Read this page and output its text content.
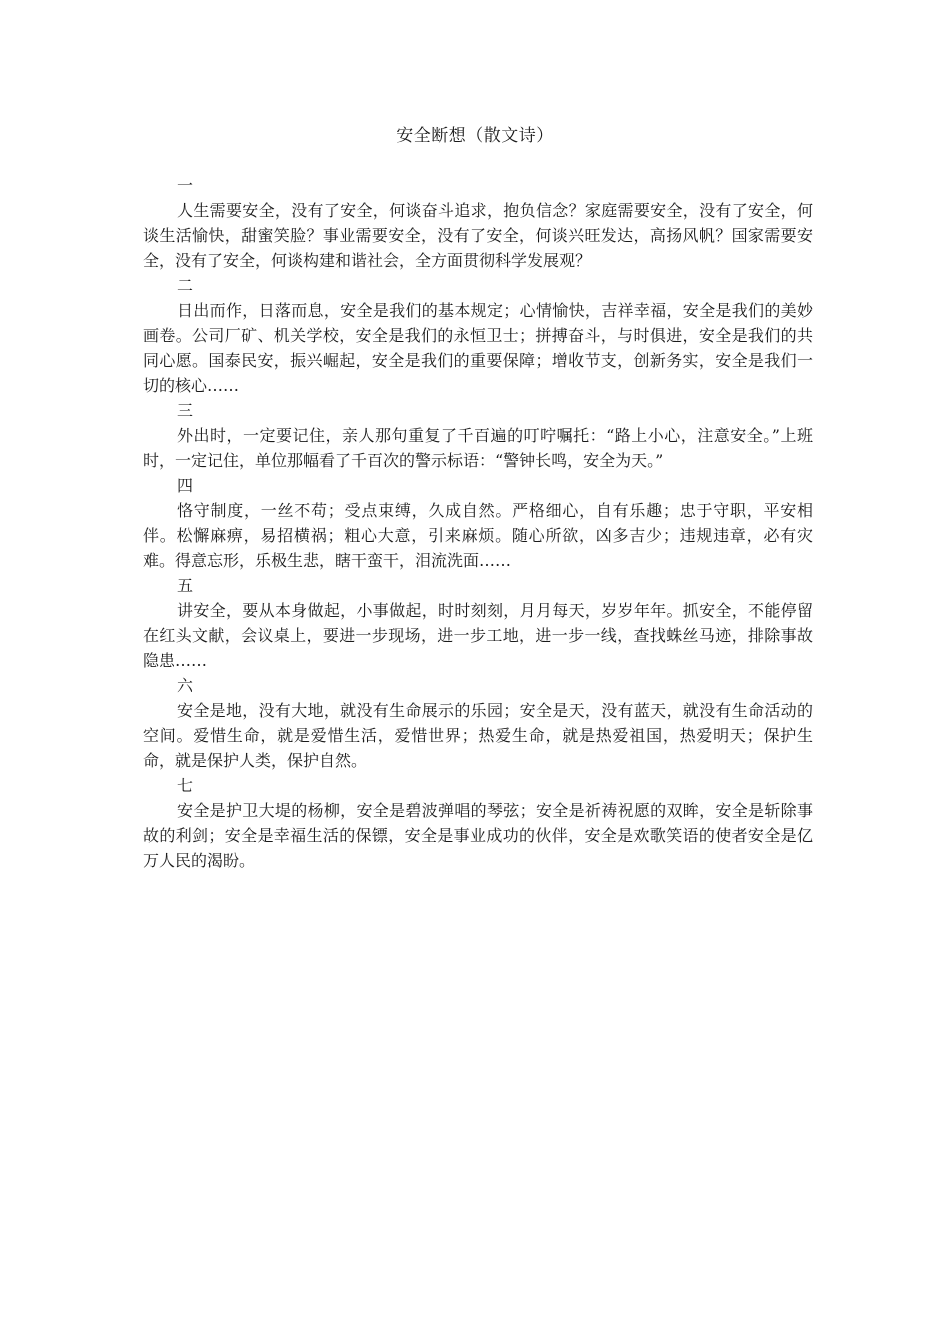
安全断想（散文诗）

一

人生需要安全，没有了安全，何谈奋斗追求，抱负信念？家庭需要安全，没有了安全，何谈生活愉快，甜蜜笑脸？事业需要安全，没有了安全，何谈兴旺发达，高扬风帆？国家需要安全，没有了安全，何谈构建和谐社会，全方面贯彻科学发展观？

二

日出而作，日落而息，安全是我们的基本规定；心情愉快，吉祥幸福，安全是我们的美妙画卷。公司厂矿、机关学校，安全是我们的永恒卫士；拼搏奋斗，与时俱进，安全是我们的共同心愿。国泰民安，振兴崛起，安全是我们的重要保障；增收节支，创新务实，安全是我们一切的核心……

三

外出时，一定要记住，亲人那句重复了千百遍的叮咛嘱托：“路上小心，注意安全。”上班时，一定记住，单位那幅看了千百次的警示标语：“警钟长鸣，安全为天。”

四

恪守制度，一丝不苟；受点束缚，久成自然。严格细心，自有乐趣；忠于守职，平安相伴。松懈麻痹，易招横祸；粗心大意，引来麻烦。随心所欲，凶多吉少；违规违章，必有灾难。得意忘形，乐极生悲，瞎干蛮干，泪流洗面……

五

讲安全，要从本身做起，小事做起，时时刻刻，月月每天，岁岁年年。抓安全，不能停留在红头文献，会议桌上，要进一步现场，进一步工地，进一步一线，查找蛛丝马迹，排除事故隐患……

六

安全是地，没有大地，就没有生命展示的乐园；安全是天，没有蓝天，就没有生命活动的空间。爱惜生命，就是爱惜生活，爱惜世界；热爱生命，就是热爱祖国，热爱明天；保护生命，就是保护人类，保护自然。

七

安全是护卫大堤的杨柳，安全是碧波弹唱的琴弦；安全是祈祷祝愿的双眸，安全是斩除事故的利剑；安全是幸福生活的保镖，安全是事业成功的伙伴，安全是欢歌笑语的使者安全是亿万人民的渴盼。
